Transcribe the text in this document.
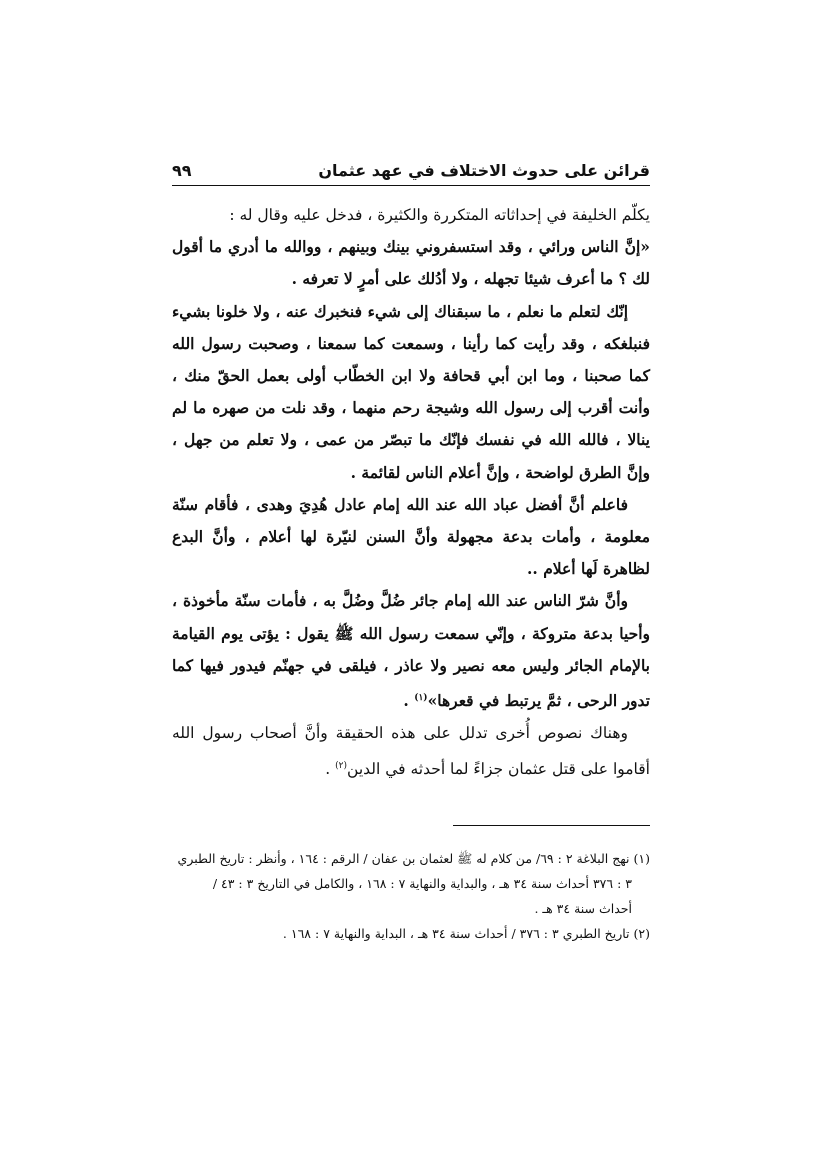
قرائن على حدوث الاختلاف في عهد عثمان
٩٩

يكلّم الخليفة في إحداثاته المتكررة والكثيرة ، فدخل عليه وقال له :

«إنَّ الناس ورائي ، وقد استسفروني بينك وبينهم ، ووالله ما أدري ما أقول لك ؟ ما أعرف شيئا تجهله ، ولا أدُلك على أمرٍ لا تعرفه .

إنّك لتعلم ما نعلم ، ما سبقناك إلى شيء فنخبرك عنه ، ولا خلونا بشيء فنبلغكه ، وقد رأيت كما رأينا ، وسمعت كما سمعنا ، وصحبت رسول الله كما صحبنا ، وما ابن أبي قحافة ولا ابن الخطّاب أولى بعمل الحقّ منك ، وأنت أقرب إلى رسول الله وشيجة رحم منهما ، وقد نلت من صهره ما لم ينالا ، فالله الله في نفسك فإنّك ما تبصّر من عمى ، ولا تعلم من جهل ، وإنَّ الطرق لواضحة ، وإنَّ أعلام الناس لقائمة .

فاعلم أنَّ أفضل عباد الله عند الله إمام عادل هُدِيَ وهدى ، فأقام سنّة معلومة ، وأمات بدعة مجهولة وأنَّ السنن لنيّرة لها أعلام ، وأنَّ البدع لظاهرة لَها أعلام ..

وأنَّ شرّ الناس عند الله إمام جائر ضُلَّ وضُلَّ به ، فأمات سنّة مأخوذة ، وأحيا بدعة متروكة ، وإنّي سمعت رسول الله ﷺ يقول : يؤتى يوم القيامة بالإمام الجائر وليس معه نصير ولا عاذر ، فيلقى في جهنّم فيدور فيها كما تدور الرحى ، ثمَّ يرتبط في قعرها»$^{(١)}$ .

وهناك نصوص أُخرى تدلل على هذه الحقيقة وأنَّ أصحاب رسول الله أقاموا على قتل عثمان جزاءً لما أحدثه في الدين$^{(٢)}$ .

(١) نهج البلاغة ٢ : ٦٩/ من كلام له ﷺ لعثمان بن عفان / الرقم : ١٦٤ ، وأنظر : تاريخ الطبري

٣ : ٣٧٦ أحداث سنة ٣٤ هـ ، والبداية والنهاية ٧ : ١٦٨ ، والكامل في التاريخ ٣ : ٤٣ /

أحداث سنة ٣٤ هـ .

(٢) تاريخ الطبري ٣ : ٣٧٦ / أحداث سنة ٣٤ هـ ، البداية والنهاية ٧ : ١٦٨ .
